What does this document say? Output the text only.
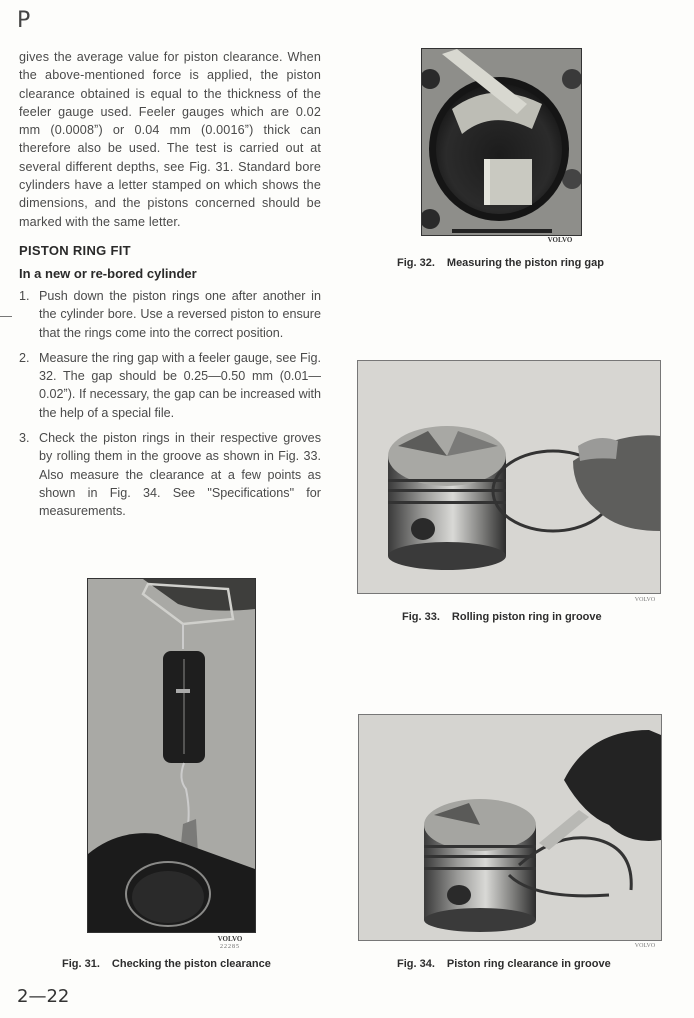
P

gives the average value for piston clearance. When the above-mentioned force is applied, the piston clearance obtained is equal to the thickness of the feeler gauge used. Feeler gauges which are 0.02 mm (0.0008ˮ) or 0.04 mm (0.0016ˮ) thick can therefore also be used. The test is carried out at several different depths, see Fig. 31. Standard bore cylinders have a letter stamped on which shows the dimensions, and the pistons concerned should be marked with the same letter.

PISTON RING FIT
In a new or re-bored cylinder
1. Push down the piston rings one after another in the cylinder bore. Use a reversed piston to ensure that the rings come into the correct position.
2. Measure the ring gap with a feeler gauge, see Fig. 32. The gap should be 0.25—0.50 mm (0.01—0.02ˮ). If necessary, the gap can be increased with the help of a special file.
3. Check the piston rings in their respective groves by rolling them in the groove as shown in Fig. 33. Also measure the clearance at a few points as shown in Fig. 34. See "Specifications" for measurements.
VOLVO
Fig. 32. Measuring the piston ring gap
VOLVO
Fig. 33. Rolling piston ring in groove
VOLVO
Fig. 34. Piston ring clearance in groove
VOLVO
22285
Fig. 31. Checking the piston clearance
2—22
